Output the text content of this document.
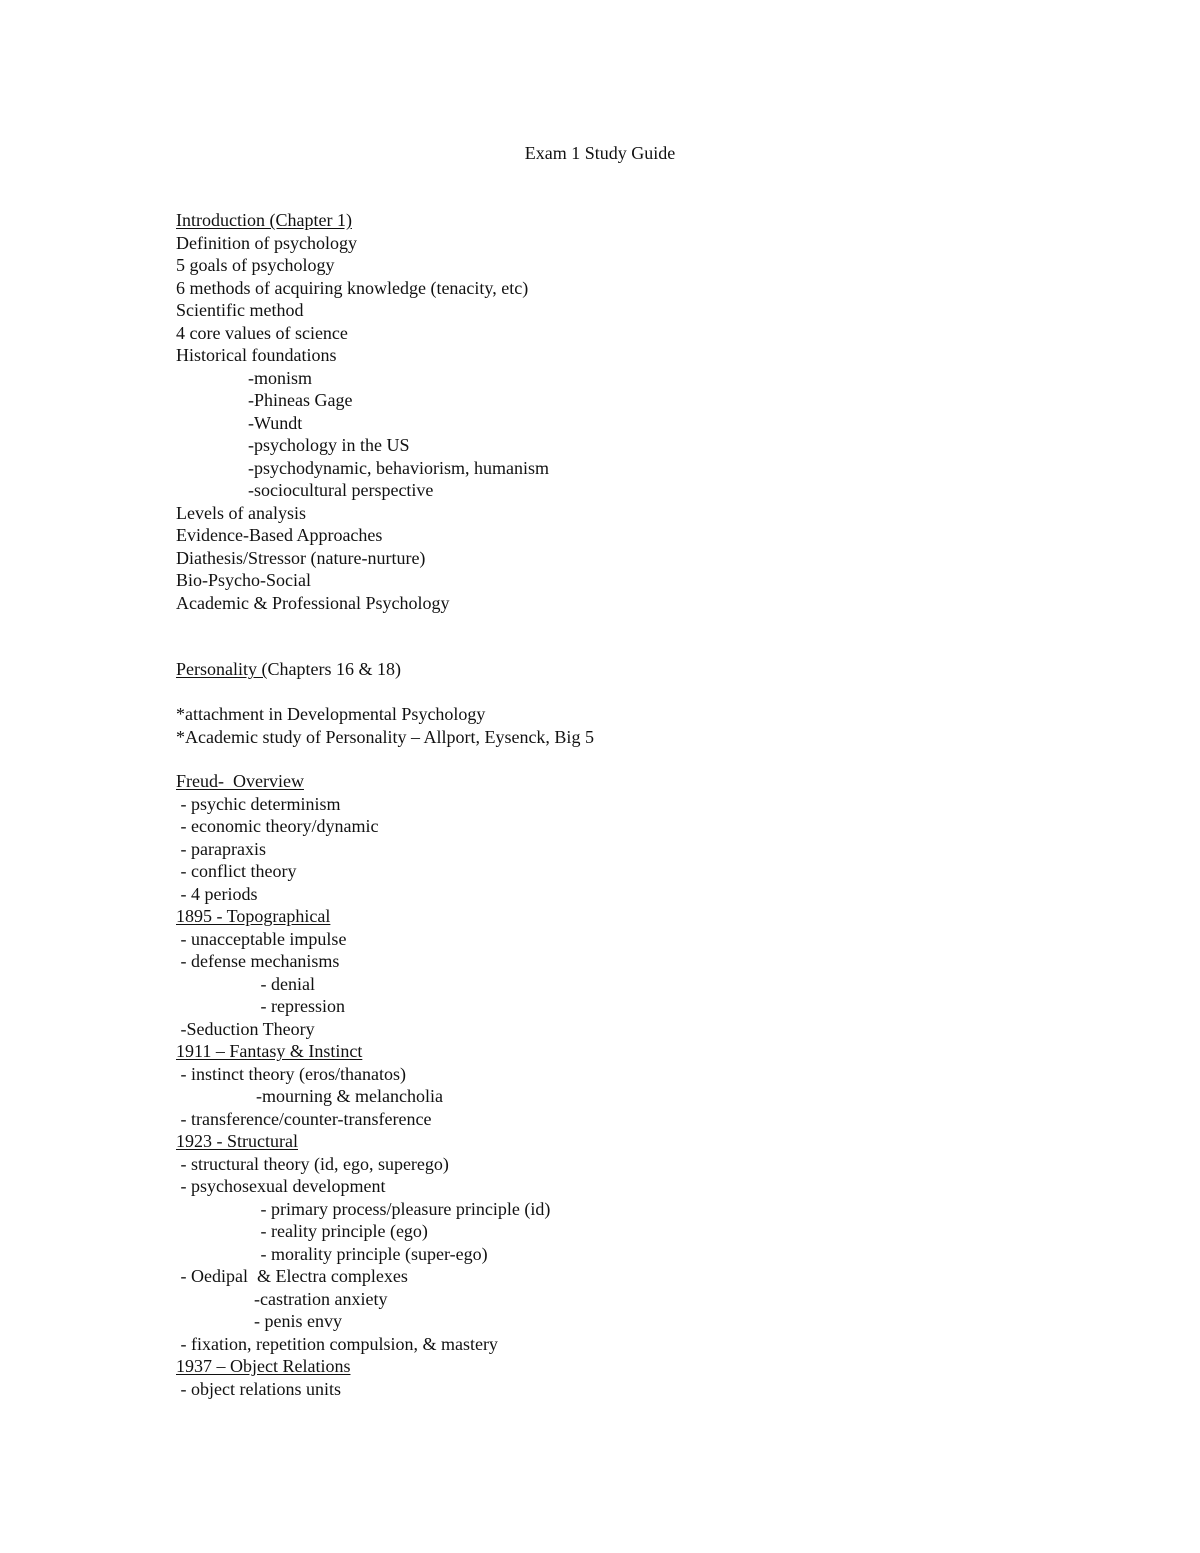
Exam 1 Study Guide
Introduction (Chapter 1)
Definition of psychology
5 goals of psychology
6 methods of acquiring knowledge (tenacity, etc)
Scientific method
4 core values of science
Historical foundations
-monism
-Phineas Gage
-Wundt
-psychology in the US
-psychodynamic, behaviorism, humanism
-sociocultural perspective
Levels of analysis
Evidence-Based Approaches
Diathesis/Stressor (nature-nurture)
Bio-Psycho-Social
Academic & Professional Psychology
Personality (Chapters 16 & 18)
*attachment in Developmental Psychology
*Academic study of Personality – Allport, Eysenck, Big 5
Freud-  Overview
- psychic determinism
- economic theory/dynamic
- parapraxis
- conflict theory
- 4 periods
1895 - Topographical
- unacceptable impulse
- defense mechanisms
- denial
- repression
-Seduction Theory
1911 – Fantasy & Instinct
- instinct theory (eros/thanatos)
-mourning & melancholia
- transference/counter-transference
1923 - Structural
- structural theory (id, ego, superego)
- psychosexual development
- primary process/pleasure principle (id)
- reality principle (ego)
- morality principle (super-ego)
- Oedipal  & Electra complexes
-castration anxiety
- penis envy
- fixation, repetition compulsion, & mastery
1937 – Object Relations
- object relations units
